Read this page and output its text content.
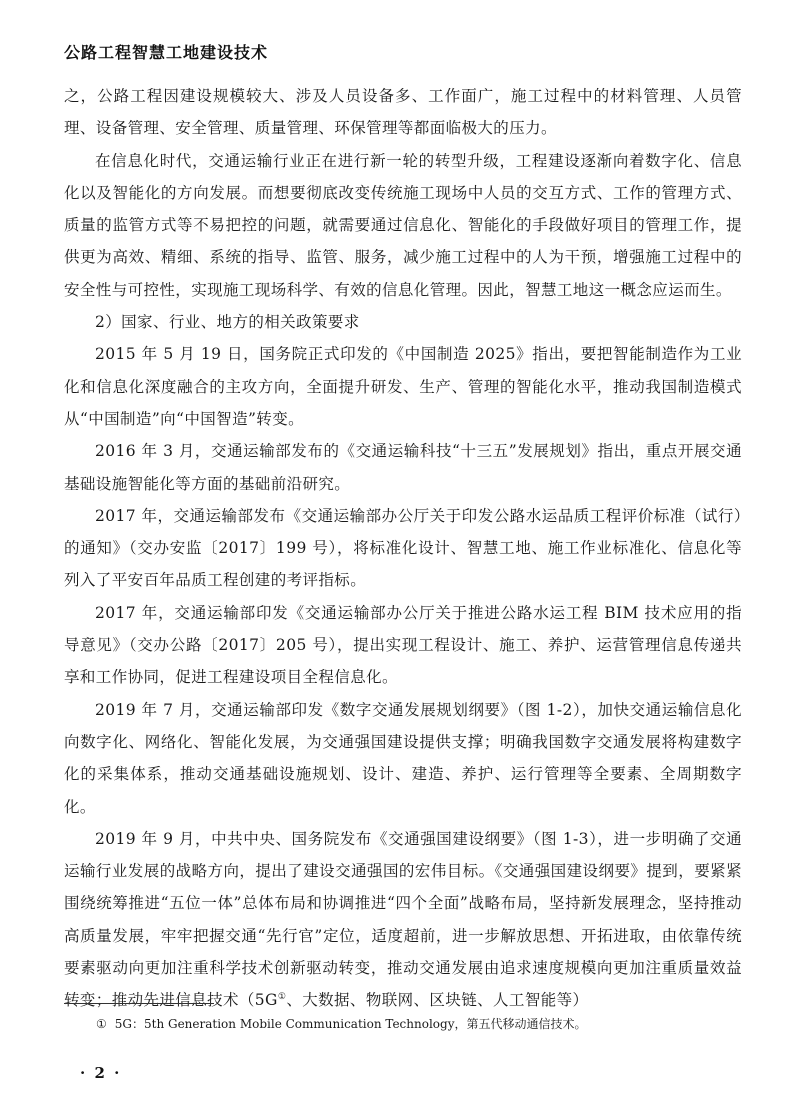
公路工程智慧工地建设技术

之，公路工程因建设规模较大、涉及人员设备多、工作面广，施工过程中的材料管理、人员管理、设备管理、安全管理、质量管理、环保管理等都面临极大的压力。

在信息化时代，交通运输行业正在进行新一轮的转型升级，工程建设逐渐向着数字化、信息化以及智能化的方向发展。而想要彻底改变传统施工现场中人员的交互方式、工作的管理方式、质量的监管方式等不易把控的问题，就需要通过信息化、智能化的手段做好项目的管理工作，提供更为高效、精细、系统的指导、监管、服务，减少施工过程中的人为干预，增强施工过程中的安全性与可控性，实现施工现场科学、有效的信息化管理。因此，智慧工地这一概念应运而生。

2）国家、行业、地方的相关政策要求

2015 年 5 月 19 日，国务院正式印发的《中国制造 2025》指出，要把智能制造作为工业化和信息化深度融合的主攻方向，全面提升研发、生产、管理的智能化水平，推动我国制造模式从“中国制造”向“中国智造”转变。

2016 年 3 月，交通运输部发布的《交通运输科技“十三五”发展规划》指出，重点开展交通基础设施智能化等方面的基础前沿研究。

2017 年，交通运输部发布《交通运输部办公厅关于印发公路水运品质工程评价标准（试行）的通知》（交办安监〔2017〕199 号），将标准化设计、智慧工地、施工作业标准化、信息化等列入了平安百年品质工程创建的考评指标。

2017 年，交通运输部印发《交通运输部办公厅关于推进公路水运工程 BIM 技术应用的指导意见》（交办公路〔2017〕205 号），提出实现工程设计、施工、养护、运营管理信息传递共享和工作协同，促进工程建设项目全程信息化。

2019 年 7 月，交通运输部印发《数字交通发展规划纲要》（图 1-2），加快交通运输信息化向数字化、网络化、智能化发展，为交通强国建设提供支撑；明确我国数字交通发展将构建数字化的采集体系，推动交通基础设施规划、设计、建造、养护、运行管理等全要素、全周期数字化。

2019 年 9 月，中共中央、国务院发布《交通强国建设纲要》（图 1-3），进一步明确了交通运输行业发展的战略方向，提出了建设交通强国的宏伟目标。《交通强国建设纲要》提到，要紧紧围绕统筹推进“五位一体”总体布局和协调推进“四个全面”战略布局，坚持新发展理念，坚持推动高质量发展，牢牢把握交通“先行官”定位，适度超前，进一步解放思想、开拓进取，由依靠传统要素驱动向更加注重科学技术创新驱动转变，推动交通发展由追求速度规模向更加注重质量效益转变；推动先进信息技术（5G①、大数据、物联网、区块链、人工智能等）

① 5G：5th Generation Mobile Communication Technology，第五代移动通信技术。
· 2 ·
